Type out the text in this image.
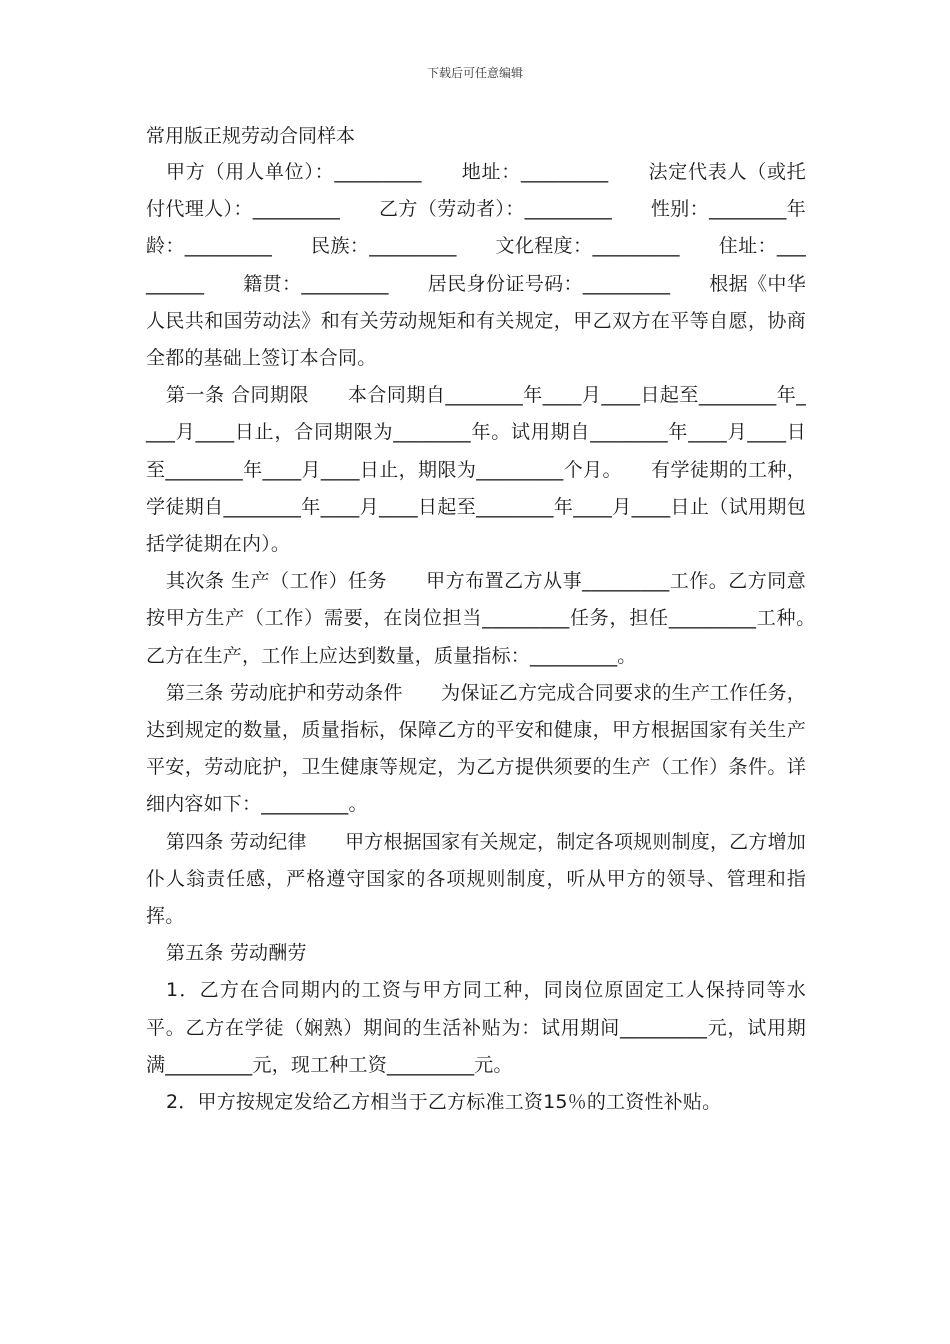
下载后可任意编辑
常用版正规劳动合同样本

甲方（用人单位）：_________　　地址：_________　　法定代表人（或托付代理人）：_________　　乙方（劳动者）：_________　　性别：________年龄：_________　　民族：_________　　文化程度：_________　　住址：_________　　籍贯：_________　　居民身份证号码：_________　　根据《中华人民共和国劳动法》和有关劳动规矩和有关规定，甲乙双方在平等自愿，协商全都的基础上签订本合同。

第一条 合同期限　　本合同期自________年____月____日起至________年____月____日止，合同期限为________年。试用期自________年____月____日至________年____月____日止，期限为_________个月。　　有学徒期的工种，学徒期自________年____月____日起至________年____月____日止（试用期包括学徒期在内）。

其次条 生产（工作）任务　　甲方布置乙方从事_________工作。乙方同意按甲方生产（工作）需要，在岗位担当_________任务，担任_________工种。　　乙方在生产，工作上应达到数量，质量指标：_________。

第三条 劳动庇护和劳动条件　　为保证乙方完成合同要求的生产工作任务，达到规定的数量，质量指标，保障乙方的平安和健康，甲方根据国家有关生产平安，劳动庇护，卫生健康等规定，为乙方提供须要的生产（工作）条件。详细内容如下：_________。

第四条 劳动纪律　　甲方根据国家有关规定，制定各项规则制度，乙方增加仆人翁责任感，严格遵守国家的各项规则制度，听从甲方的领导、管理和指挥。

第五条 劳动酬劳

1．乙方在合同期内的工资与甲方同工种，同岗位原固定工人保持同等水平。乙方在学徒（娴熟）期间的生活补贴为：试用期间_________元，试用期满_________元，现工种工资_________元。

2．甲方按规定发给乙方相当于乙方标准工资15％的工资性补贴。
